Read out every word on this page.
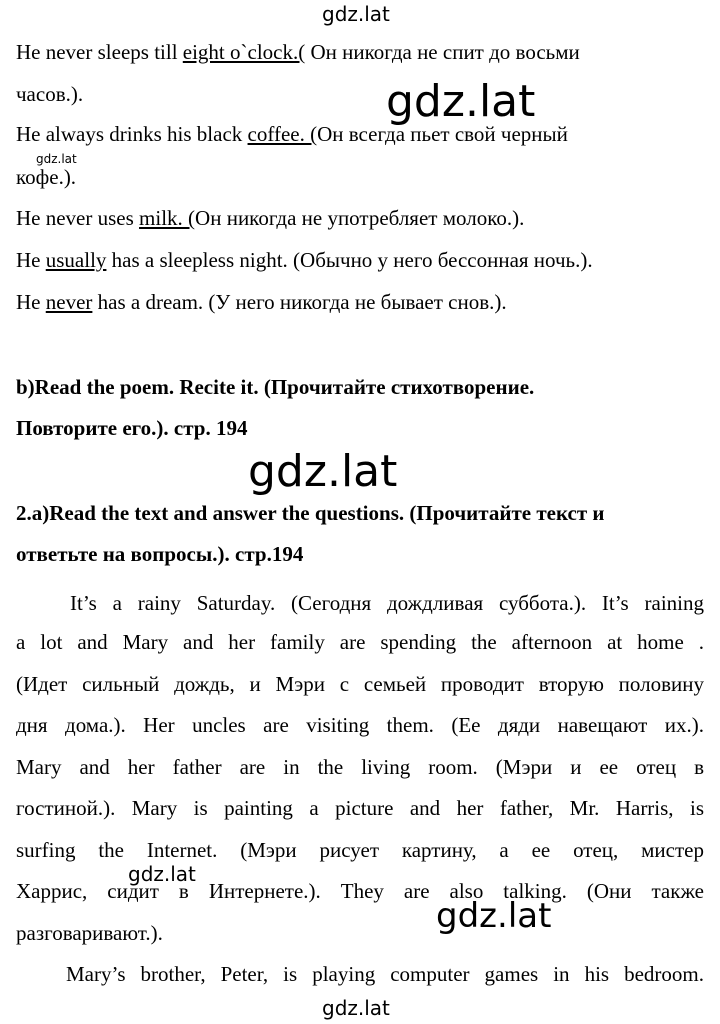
gdz.lat
gdz.lat
gdz.lat
gdz.lat
gdz.lat
gdz.lat
gdz.lat
He never sleeps till eight o`clock.( Он никогда не спит до восьми
часов.).
He always drinks his black coffee. (Он всегда пьет свой черный
кофе.).
He never uses milk. (Он никогда не употребляет молоко.).
He usually has a sleepless night. (Обычно у него бессонная ночь.).
He never has a dream. (У него никогда не бывает снов.).
b)Read the poem. Recite it. (Прочитайте стихотворение.
Повторите его.). стр. 194
2.a)Read the text and answer the questions. (Прочитайте текст и
ответьте на вопросы.). стр.194
It’s a rainy Saturday. (Сегодня дождливая суббота.). It’s raining
a lot and Mary and her family are spending the afternoon at home .
(Идет сильный дождь, и Мэри с семьей проводит вторую половину
дня дома.). Her uncles are visiting them. (Ее дяди навещают их.).
Mary and her father are in the living room. (Мэри и ее отец в
гостиной.). Mary is painting a picture and her father, Mr. Harris, is
surfing the Internet. (Мэри рисует картину, а ее отец, мистер
Харрис, сидит в Интернете.). They are also talking. (Они также
разговаривают.).
Mary’s brother, Peter, is playing computer games in his bedroom.
